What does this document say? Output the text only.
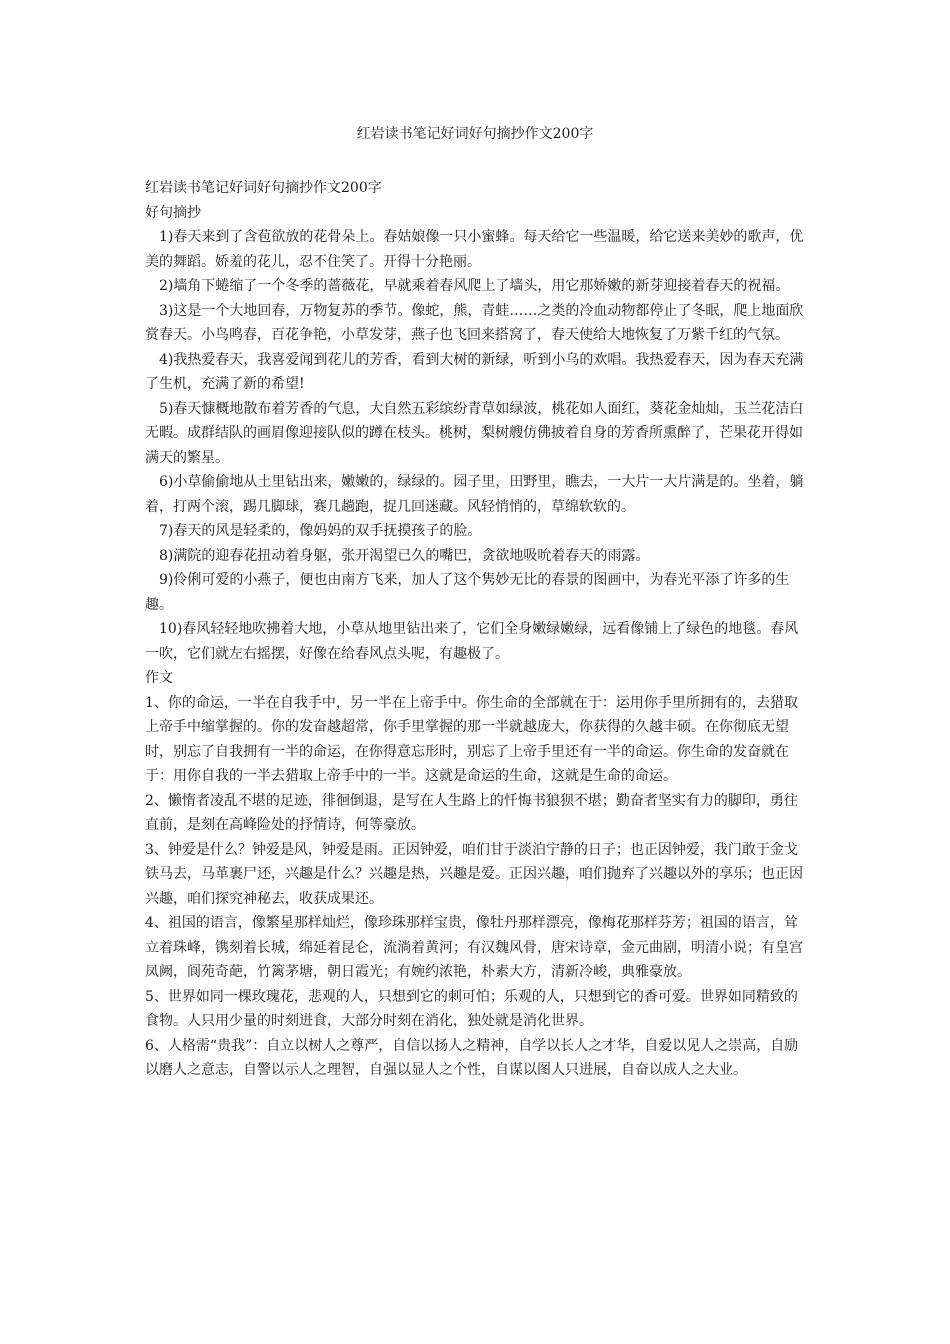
红岩读书笔记好词好句摘抄作文200字

红岩读书笔记好词好句摘抄作文200字

好句摘抄

1)春天来到了含苞欲放的花骨朵上。春姑娘像一只小蜜蜂。每天给它一些温暖，给它送来美妙的歌声，优美的舞蹈。娇羞的花儿，忍不住笑了。开得十分艳丽。

2)墙角下蜷缩了一个冬季的蔷薇花，早就乘着春风爬上了墙头，用它那娇嫩的新芽迎接着春天的祝福。

3)这是一个大地回春，万物复苏的季节。像蛇，熊，青蛙……之类的冷血动物都停止了冬眠，爬上地面欣赏春天。小鸟鸣春，百花争艳，小草发芽，燕子也飞回来搭窝了，春天使给大地恢复了万紫千红的气氛。

4)我热爱春天，我喜爱闻到花儿的芳香，看到大树的新绿，听到小乌的欢唱。我热爱春天，因为春天充满了生机，充满了新的希望!

5)春天慷概地散布着芳香的气息，大自然五彩缤纷青草如绿波，桃花如人面红，葵花金灿灿，玉兰花洁白无暇。成群结队的画眉像迎接队似的蹲在枝头。桃树，梨树艘仿佛披着自身的芳香所熏醉了，芒果花开得如满天的繁星。

6)小草偷偷地从土里钻出来，嫩嫩的，绿绿的。园子里，田野里，瞧去，一大片一大片满是的。坐着，躺着，打两个滚，踢几脚球，赛几趟跑，捉几回迷藏。风轻悄悄的，草绵软软的。

7)春天的风是轻柔的，像妈妈的双手抚摸孩子的脸。

8)满院的迎春花扭动着身躯，张开渴望已久的嘴巴，贪欲地吸吮着春天的雨露。

9)伶俐可爱的小燕子，便也由南方飞来，加人了这个隽妙无比的春景的图画中，为春光平添了许多的生趣。

10)春风轻轻地吹拂着大地，小草从地里钻出来了，它们全身嫩绿嫩绿，远看像铺上了绿色的地毯。春风一吹，它们就左右摇摆，好像在给春风点头呢，有趣极了。

作文

1、你的命运，一半在自我手中，另一半在上帝手中。你生命的全部就在于：运用你手里所拥有的，去猎取上帝手中缩掌握的。你的发奋越超常，你手里掌握的那一半就越庞大，你获得的久越丰硕。在你彻底无望时，别忘了自我拥有一半的命运，在你得意忘形时，别忘了上帝手里还有一半的命运。你生命的发奋就在于：用你自我的一半去猎取上帝手中的一半。这就是命运的生命，这就是生命的命运。

2、懒惰者凌乱不堪的足迹，徘徊倒退，是写在人生路上的忏悔书狼狈不堪；勤奋者坚实有力的脚印，勇往直前，是刻在高峰险处的抒情诗，何等豪放。

3、钟爱是什么？钟爱是风，钟爱是雨。正因钟爱，咱们甘于淡泊宁静的日子；也正因钟爱，我门敢于金戈铁马去，马革裹尸还，兴趣是什么？兴趣是热，兴趣是爱。正因兴趣，咱们抛弃了兴趣以外的享乐；也正因兴趣，咱们探究神秘去，收获成果还。

4、祖国的语言，像繁星那样灿烂，像珍珠那样宝贵，像牡丹那样漂亮，像梅花那样芬芳；祖国的语言，耸立着珠峰，镌刻着长城，绵延着昆仑，流淌着黄河；有汉魏风骨，唐宋诗章，金元曲剧，明清小说；有皇宫凤阙，阆苑奇葩，竹篱茅塘，朝日霞光；有婉约浓艳，朴素大方，清新冷峻，典雅豪放。

5、世界如同一棵玫瑰花，悲观的人，只想到它的刺可怕；乐观的人，只想到它的香可爱。世界如同精致的食物。人只用少量的时刻进食，大部分时刻在消化，独处就是消化世界。

6、人格需“贵我”：自立以树人之尊严，自信以扬人之精神，自学以长人之才华，自爱以见人之崇高，自励以磨人之意志，自警以示人之理智，自强以显人之个性，自谋以图人只进展，自奋以成人之大业。
